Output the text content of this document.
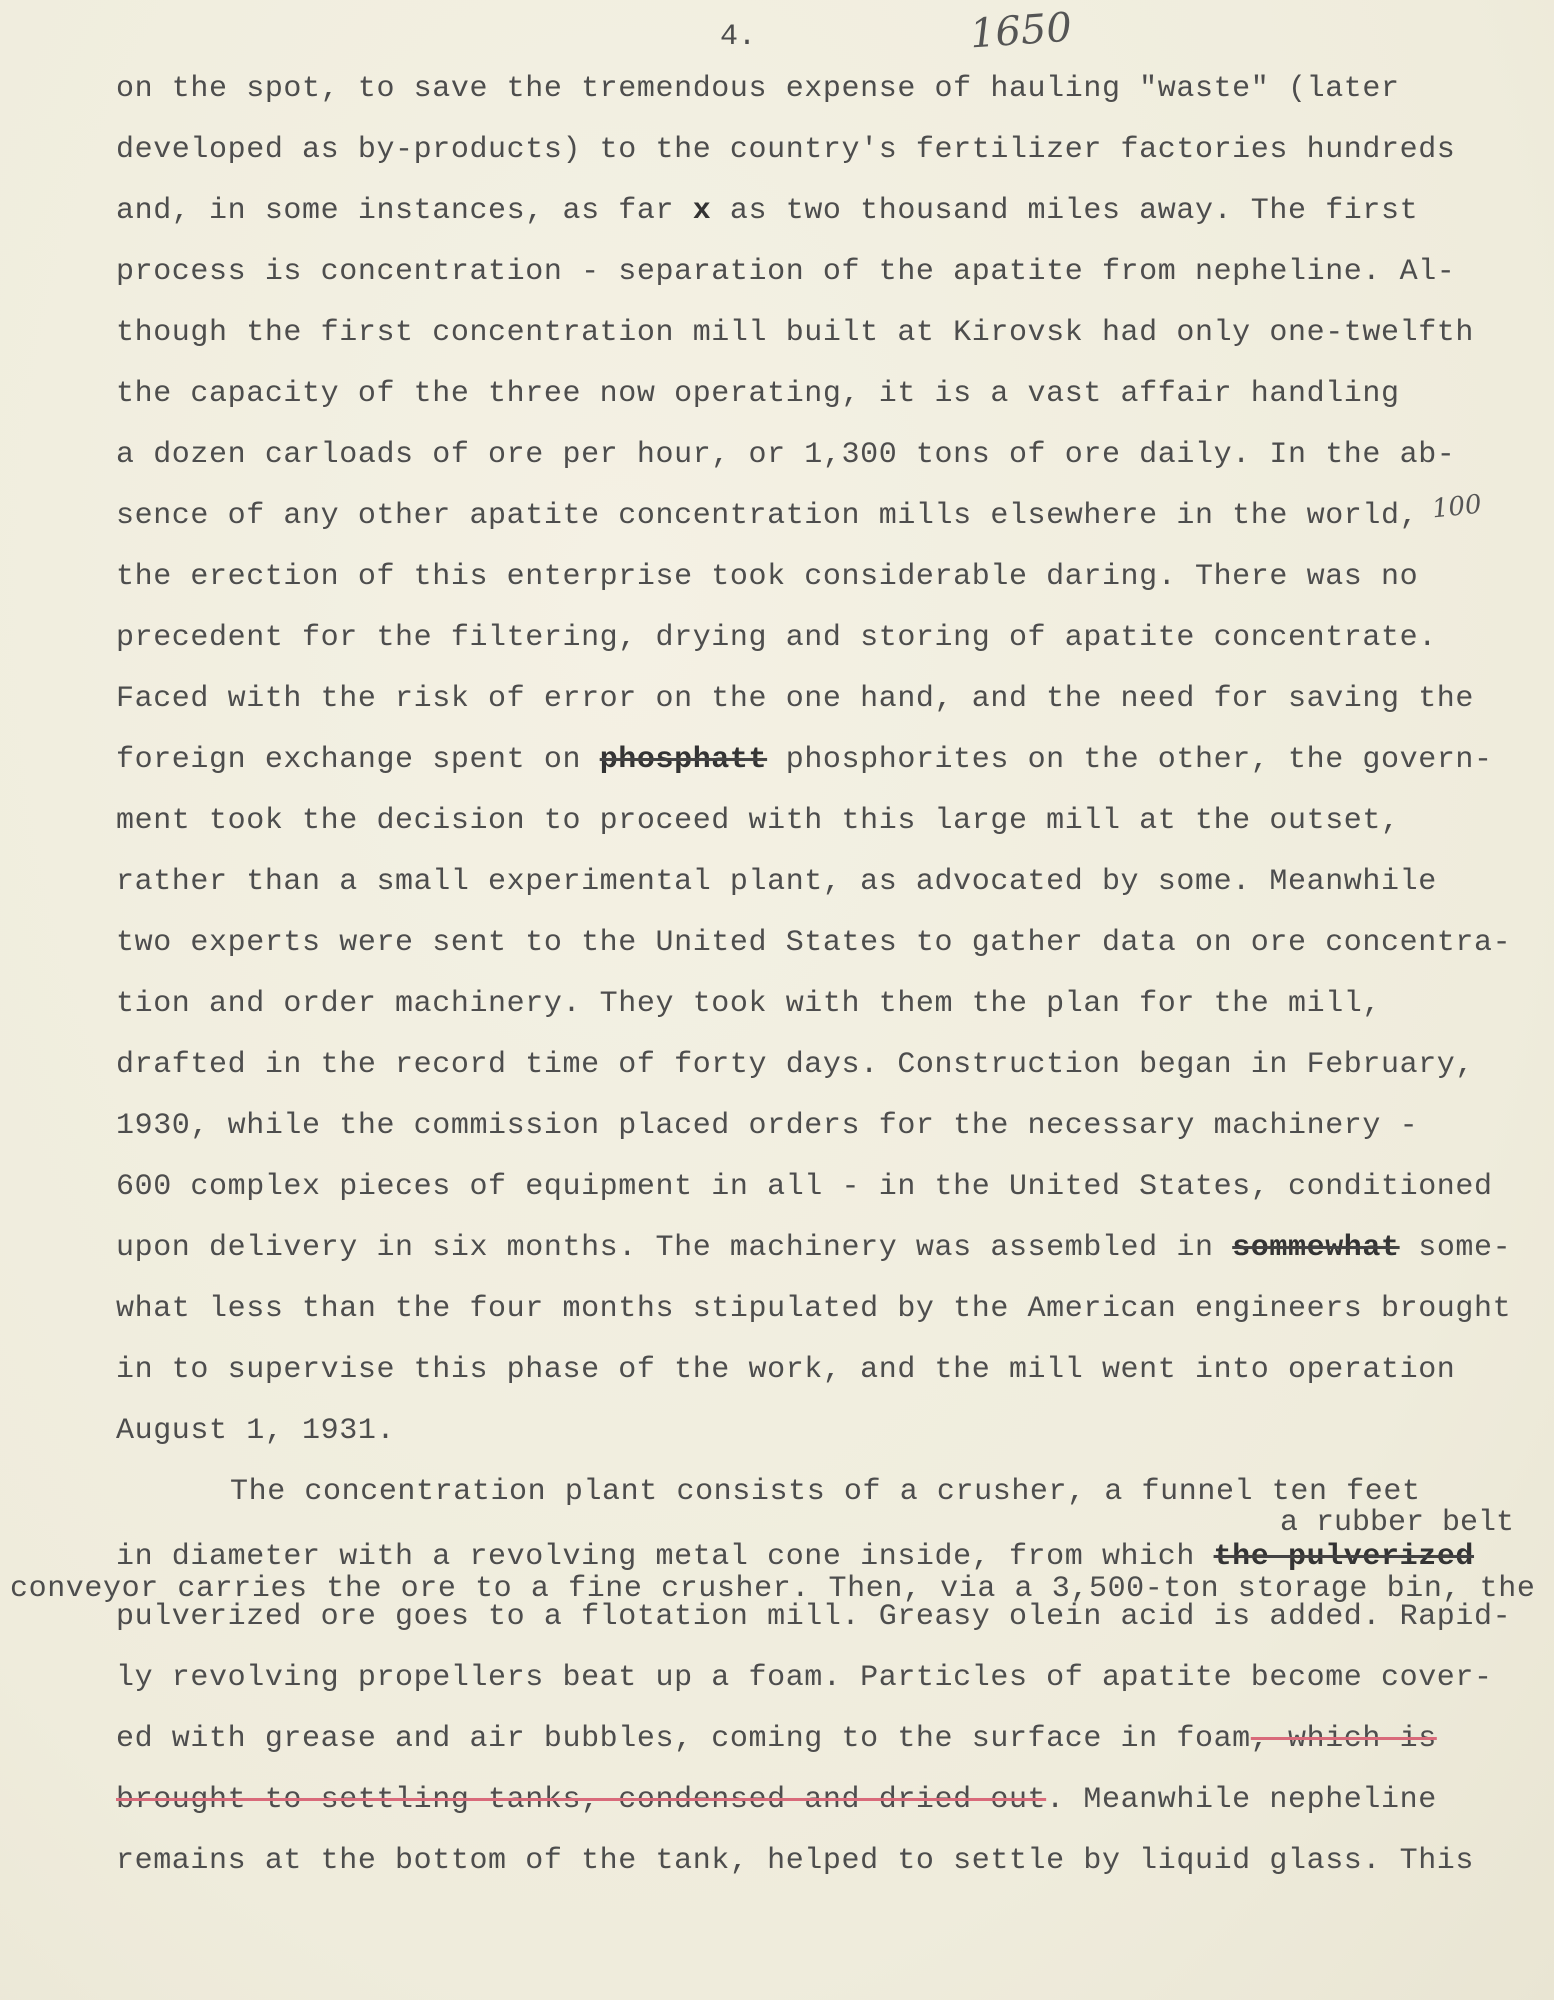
4.	1650
100
on the spot, to save the tremendous expense of hauling "waste" (later
developed as by-products) to the country's fertilizer factories hundreds
and, in some instances, as far x as two thousand miles away. The first
process is concentration - separation of the apatite from nepheline. Al-
though the first concentration mill built at Kirovsk had only one-twelfth
the capacity of the three now operating, it is a vast affair handling
a dozen carloads of ore per hour, or 1,300 tons of ore daily. In the ab-
sence of any other apatite concentration mills elsewhere in the world,
the erection of this enterprise took considerable daring. There was no
precedent for the filtering, drying and storing of apatite concentrate.
Faced with the risk of error on the one hand, and the need for saving the
foreign exchange spent on phosphatt phosphorites on the other, the govern-
ment took the decision to proceed with this large mill at the outset,
rather than a small experimental plant, as advocated by some. Meanwhile
two experts were sent to the United States to gather data on ore concentra-
tion and order machinery. They took with them the plan for the mill,
drafted in the record time of forty days. Construction began in February,
1930, while the commission placed orders for the necessary machinery -
600 complex pieces of equipment in all - in the United States, conditioned
upon delivery in six months. The machinery was assembled in sommewhat some-
what less than the four months stipulated by the American engineers brought
in to supervise this phase of the work, and the mill went into operation
August 1, 1931.
The concentration plant consists of a crusher, a funnel ten feet
a rubber belt
in diameter with a revolving metal cone inside, from which the pulverized
conveyor carries the ore to a fine crusher. Then, via a 3,500-ton storage bin, the
pulverized ore goes to a flotation mill. Greasy olein acid is added. Rapid-
ly revolving propellers beat up a foam. Particles of apatite become cover-
ed with grease and air bubbles, coming to the surface in foam, which is
brought to settling tanks, condensed and dried out. Meanwhile nepheline
remains at the bottom of the tank, helped to settle by liquid glass. This
